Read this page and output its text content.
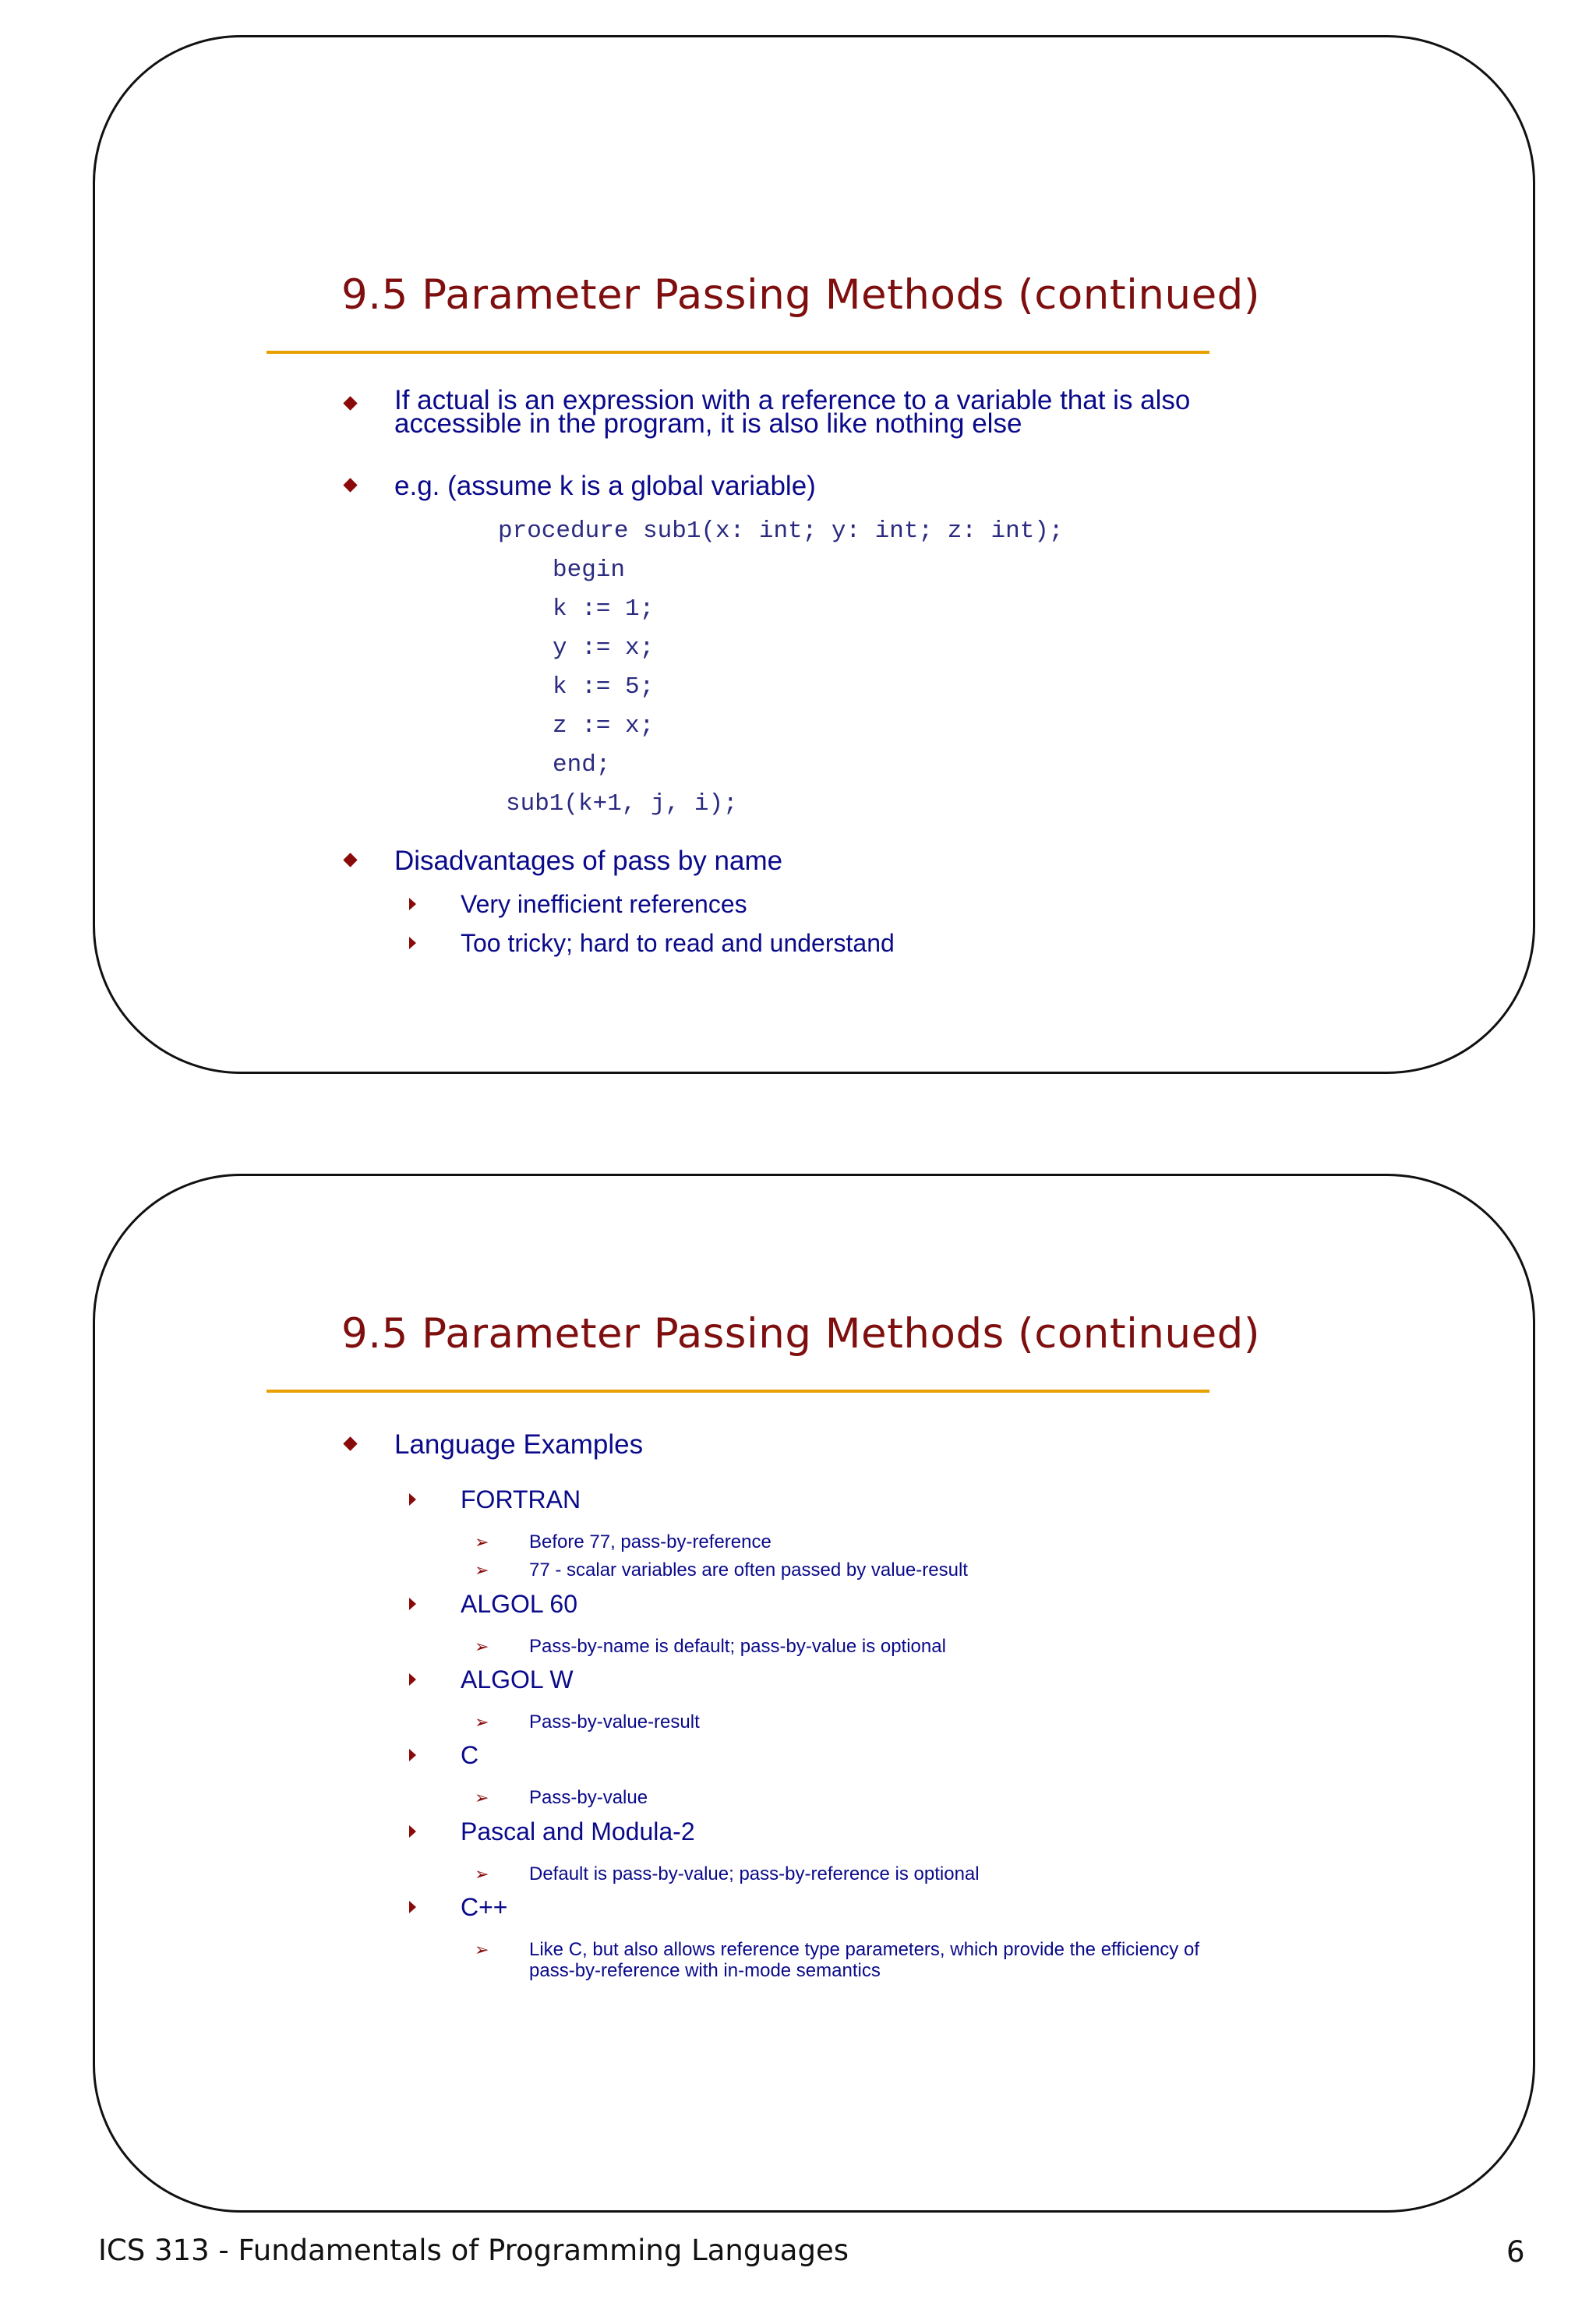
9.5 Parameter Passing Methods (continued)
If actual is an expression with a reference to a variable that is also
accessible in the program, it is also like nothing else
e.g. (assume k is a global variable)
procedure sub1(x: int; y: int; z: int);
begin
k := 1;
y := x;
k := 5;
z := x;
end;
sub1(k+1, j, i);
Disadvantages of pass by name
Very inefficient references
Too tricky; hard to read and understand
9.5 Parameter Passing Methods (continued)
Language Examples
FORTRAN
➢ Before 77, pass-by-reference
➢ 77 - scalar variables are often passed by value-result
ALGOL 60
➢ Pass-by-name is default; pass-by-value is optional
ALGOL W
➢ Pass-by-value-result
C
➢ Pass-by-value
Pascal and Modula-2
➢ Default is pass-by-value; pass-by-reference is optional
C++
➢ Like C, but also allows reference type parameters, which provide the efficiency of
pass-by-reference with in-mode semantics
ICS 313 - Fundamentals of Programming Languages	6
